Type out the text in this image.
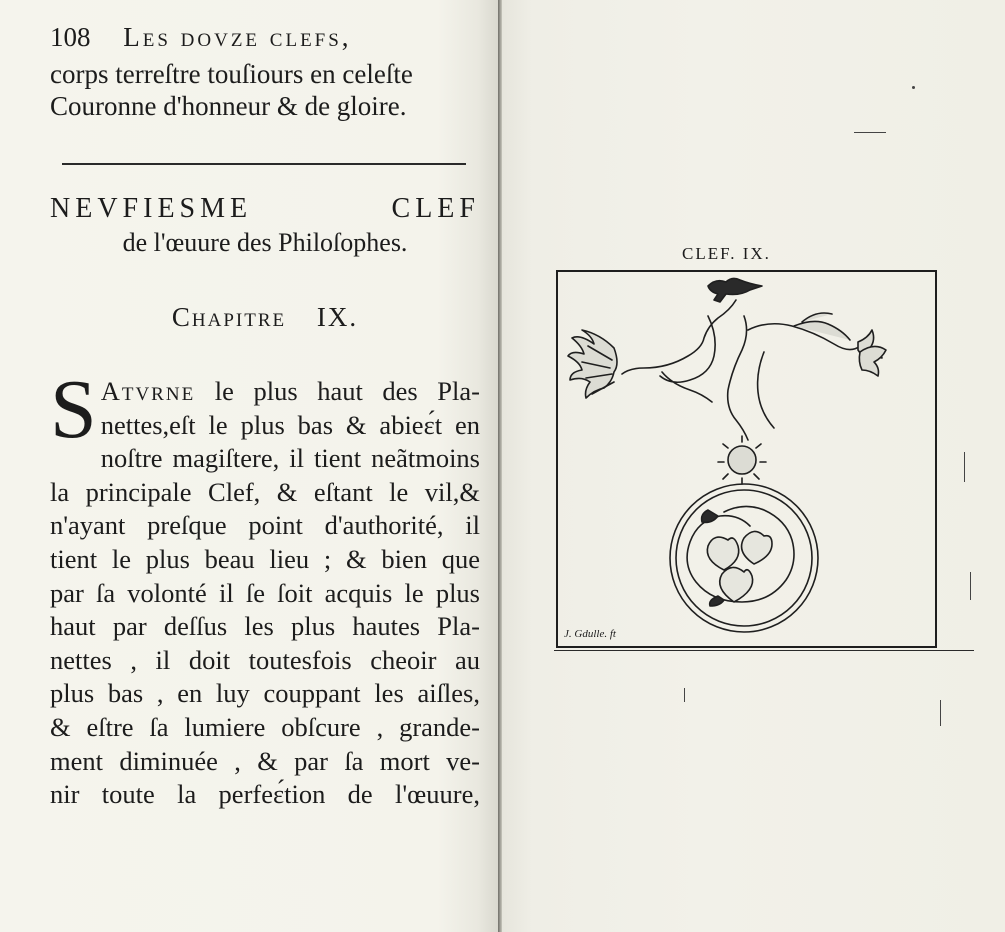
108 Les dovze clefs,
corps terreſtre touſiours en celeſte
Couronne d'honneur & de gloire.
NEVFIESME	CLEF
de l'œuure des Philoſophes.
Chapitre IX.
S Atvrne le plus haut des Pla-
nettes,eſt le plus bas & abieɛ́t en
noſtre magiſtere, il tient neãtmoins
la principale Clef, & eſtant le vil,&
n'ayant preſque point d'authorité, il
tient le plus beau lieu ; & bien que
par ſa volonté il ſe ſoit acquis le plus
haut par deſſus les plus hautes Pla-
nettes , il doit toutesfois cheoir au
plus bas , en luy couppant les aiſles,
& eſtre ſa lumiere obſcure , grande-
ment diminuée , & par ſa mort ve-
nir toute la perfeɛ́tion de l'œuure,
CLEF. IX.
J. Gdulle. ft
